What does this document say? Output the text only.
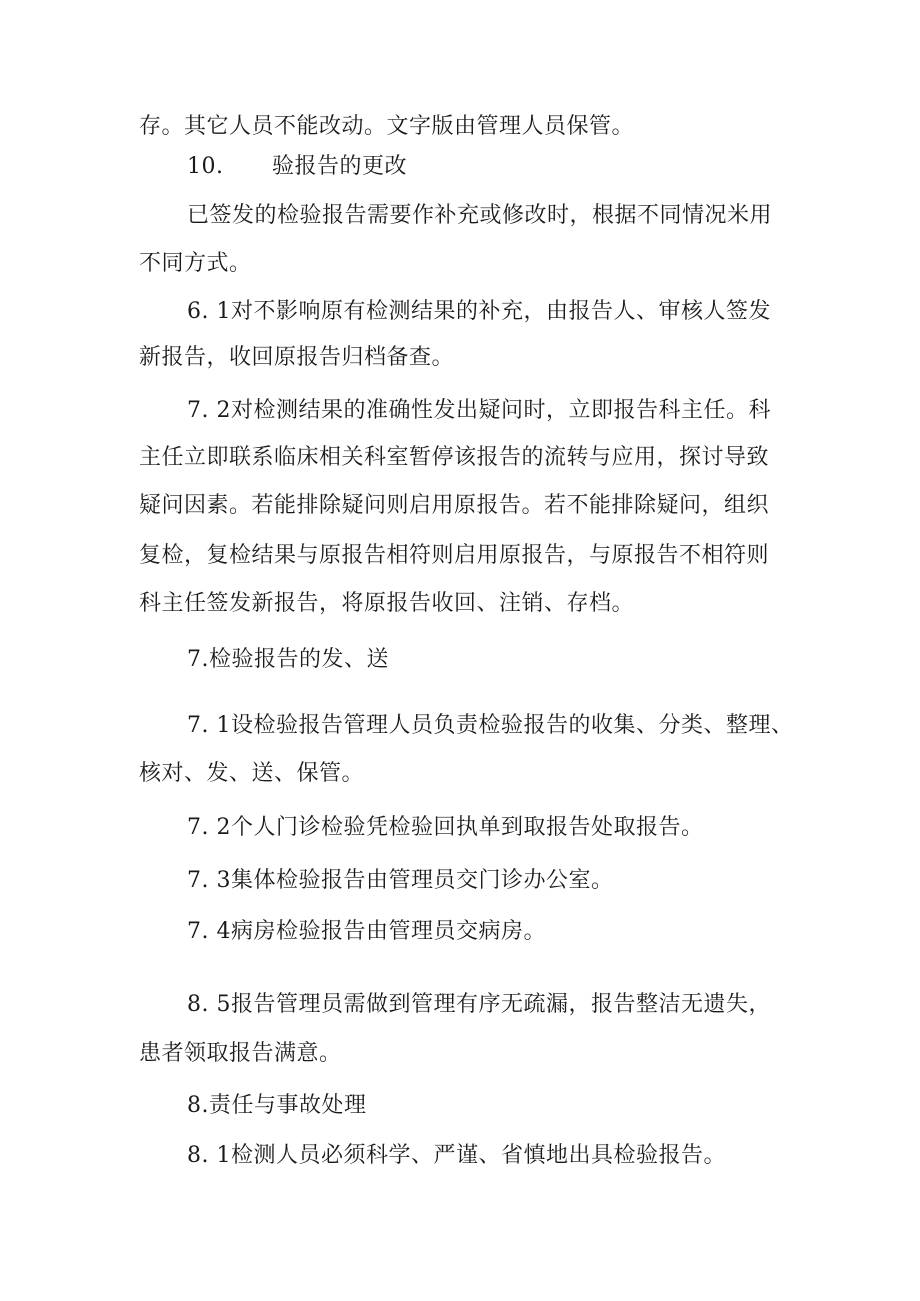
存。其它人员不能改动。文字版由管理人员保管。
10. 验报告的更改
已签发的检验报告需要作补充或修改时，根据不同情况米用
不同方式。
6. 1对不影响原有检测结果的补充，由报告人、审核人签发
新报告，收回原报告归档备查。
7. 2对检测结果的准确性发出疑问时，立即报告科主任。科
主任立即联系临床相关科室暂停该报告的流转与应用，探讨导致
疑问因素。若能排除疑问则启用原报告。若不能排除疑问，组织
复检，复检结果与原报告相符则启用原报告，与原报告不相符则
科主任签发新报告，将原报告收回、注销、存档。
7.检验报告的发、送
7. 1设检验报告管理人员负责检验报告的收集、分类、整理、
核对、发、送、保管。
7. 2个人门诊检验凭检验回执单到取报告处取报告。
7. 3集体检验报告由管理员交门诊办公室。
7. 4病房检验报告由管理员交病房。
8. 5报告管理员需做到管理有序无疏漏，报告整洁无遗失，
患者领取报告满意。
8.责任与事故处理
8. 1检测人员必须科学、严谨、省慎地出具检验报告。
